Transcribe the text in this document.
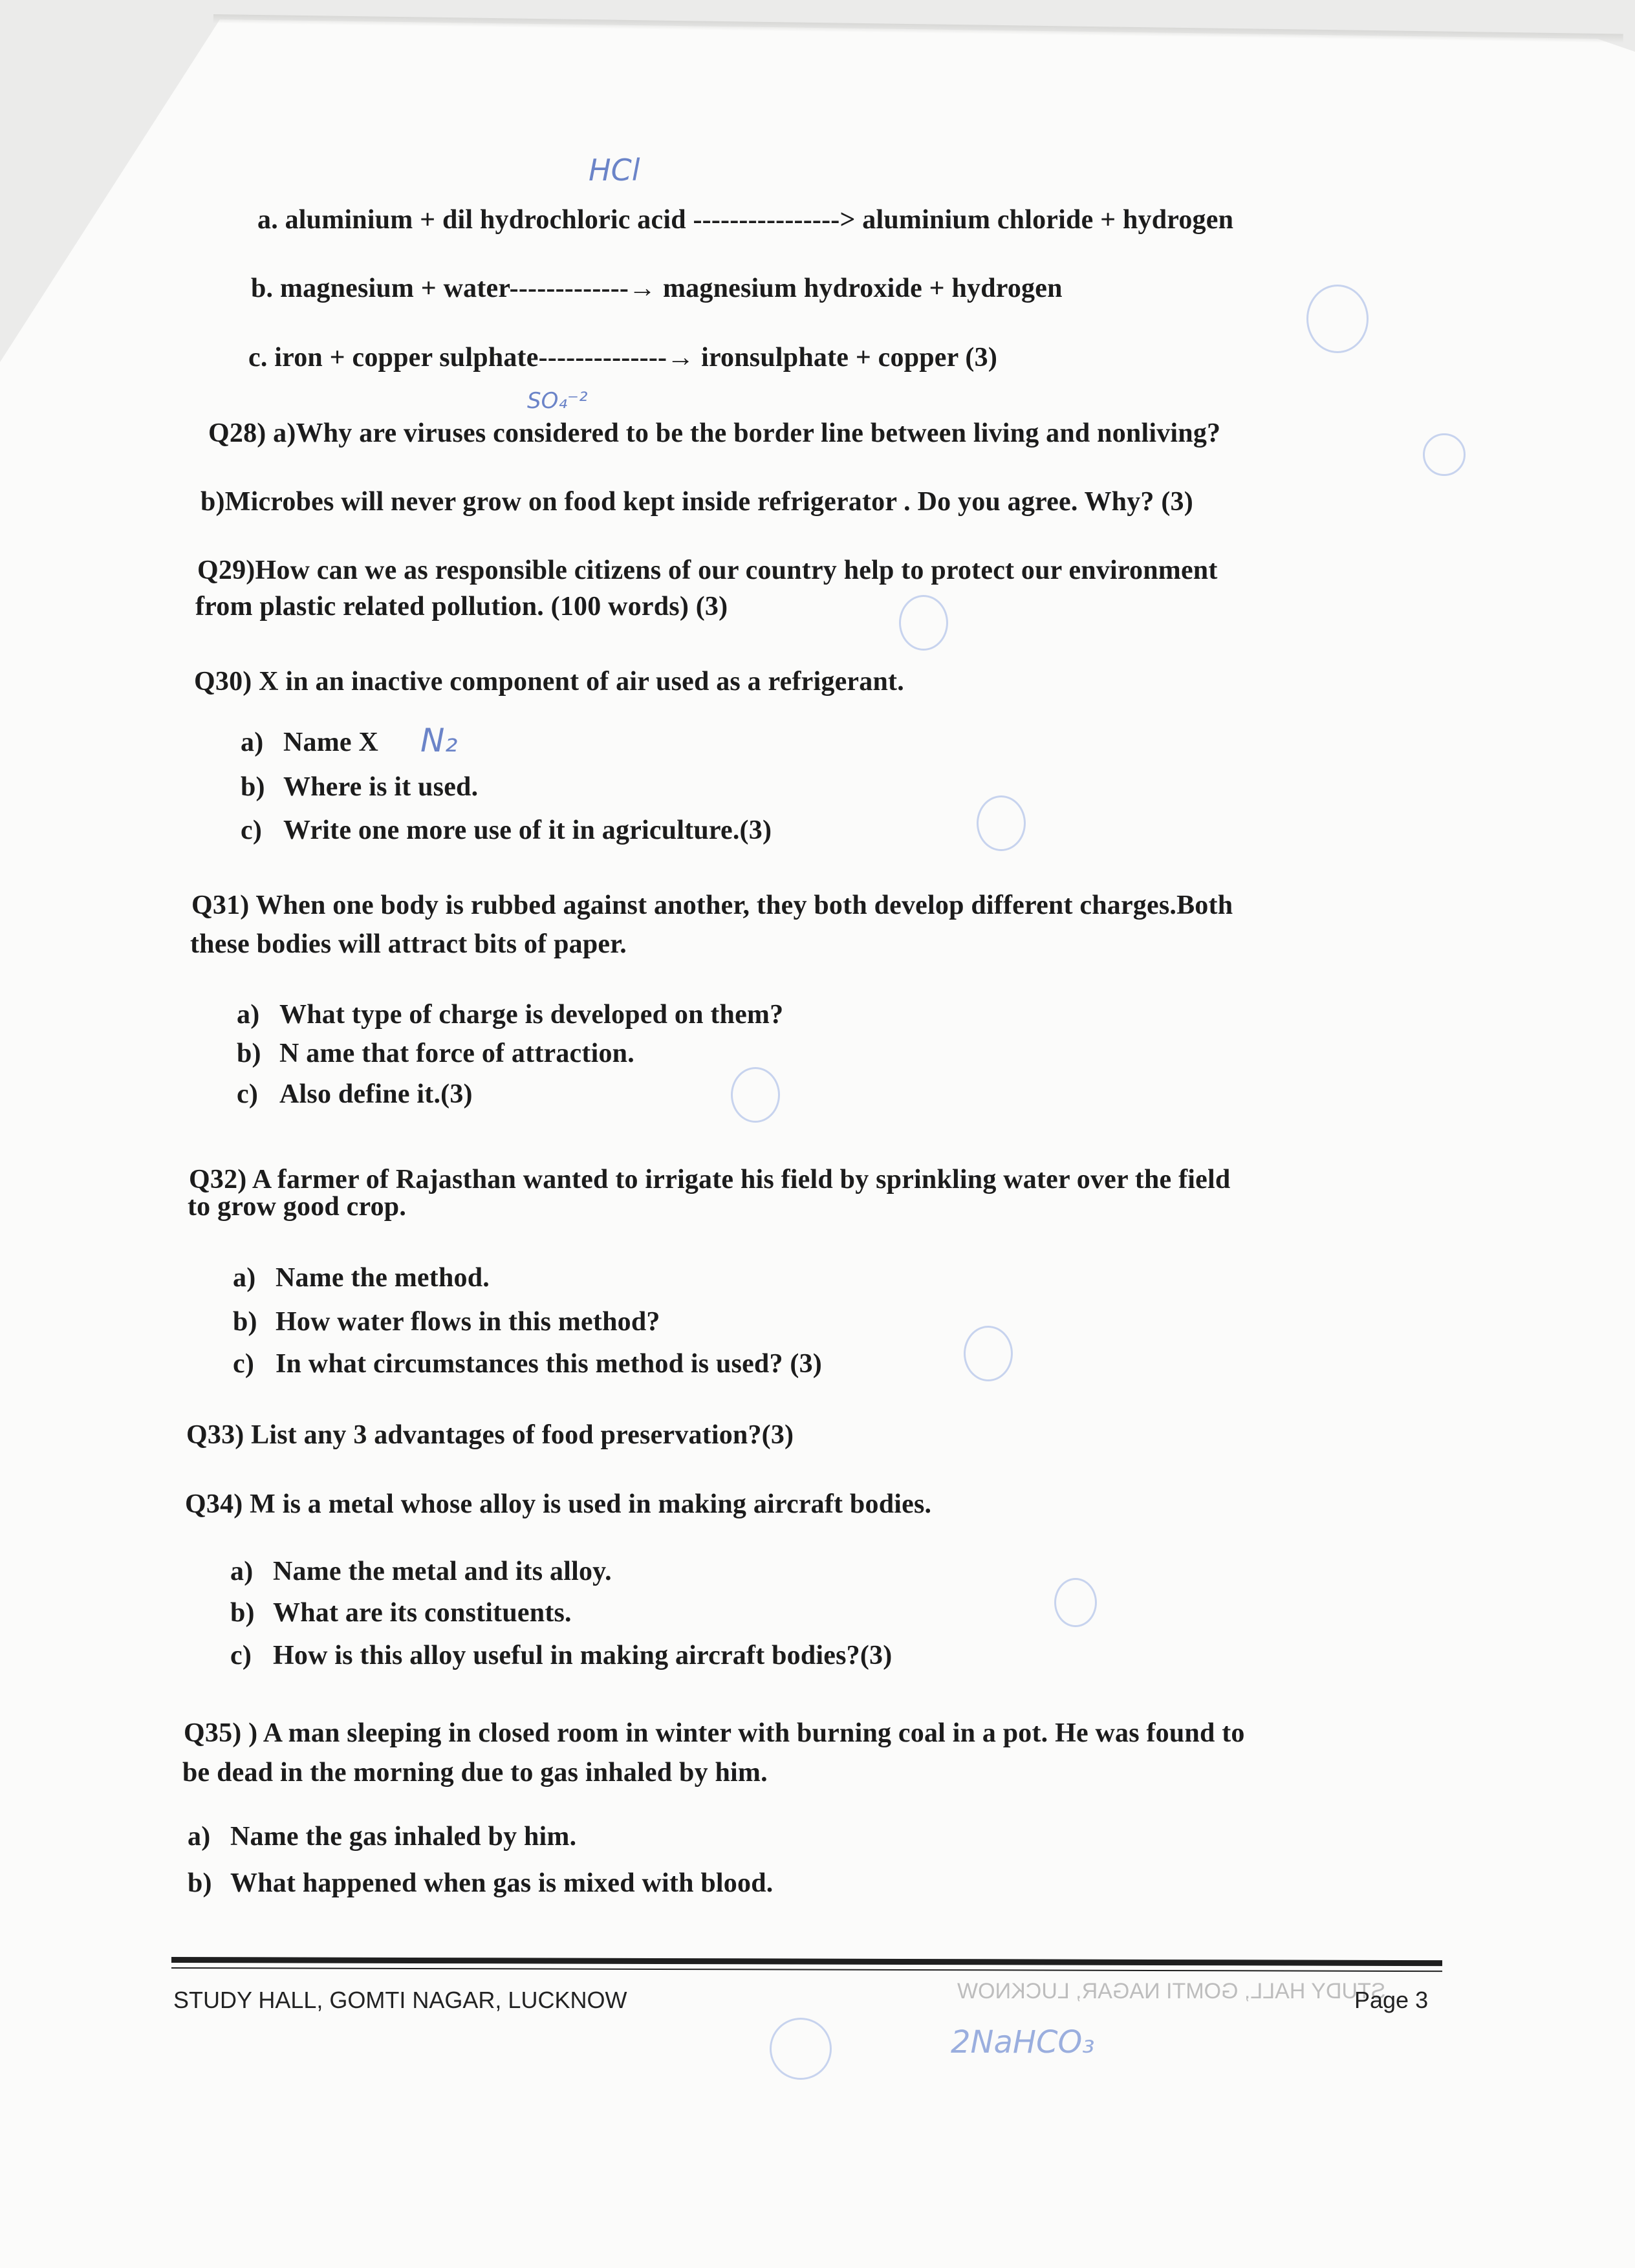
STUDY HALL, GOMTI NAGAR, LUCKNOW
a. aluminium + dil hydrochloric acid ----------------> aluminium chloride + hydrogen
b. magnesium + water-------------→ magnesium hydroxide + hydrogen
c. iron + copper sulphate--------------→ ironsulphate + copper (3)
Q28) a)Why are viruses considered to be the border line between living and nonliving?
b)Microbes will never grow on food kept inside refrigerator . Do you agree. Why? (3)
Q29)How can we as responsible citizens of our country help to protect our environment
from plastic related pollution. (100 words) (3)
Q30) X in an inactive component of air used as a refrigerant.
a) Name X
b) Where is it used.
c) Write one more use of it in agriculture.(3)
Q31) When one body is rubbed against another, they both develop different charges.Both
these bodies will attract bits of paper.
a) What type of charge is developed on them?
b) N ame that force of attraction.
c) Also define it.(3)
Q32) A farmer of Rajasthan wanted to irrigate his field by sprinkling water over the field
to grow good crop.
a) Name the method.
b) How water flows in this method?
c) In what circumstances this method is used? (3)
Q33) List any 3 advantages of food preservation?(3)
Q34) M is a metal whose alloy is used in making aircraft bodies.
a) Name the metal and its alloy.
b) What are its constituents.
c) How is this alloy useful in making aircraft bodies?(3)
Q35) ) A man sleeping in closed room in winter with burning coal in a pot. He was found to
be dead in the morning due to gas inhaled by him.
a) Name the gas inhaled by him.
b) What happened when gas is mixed with blood.
STUDY HALL, GOMTI NAGAR, LUCKNOW	Page 3
HCl
SO₄⁻²
N₂
2NaHCO₃
